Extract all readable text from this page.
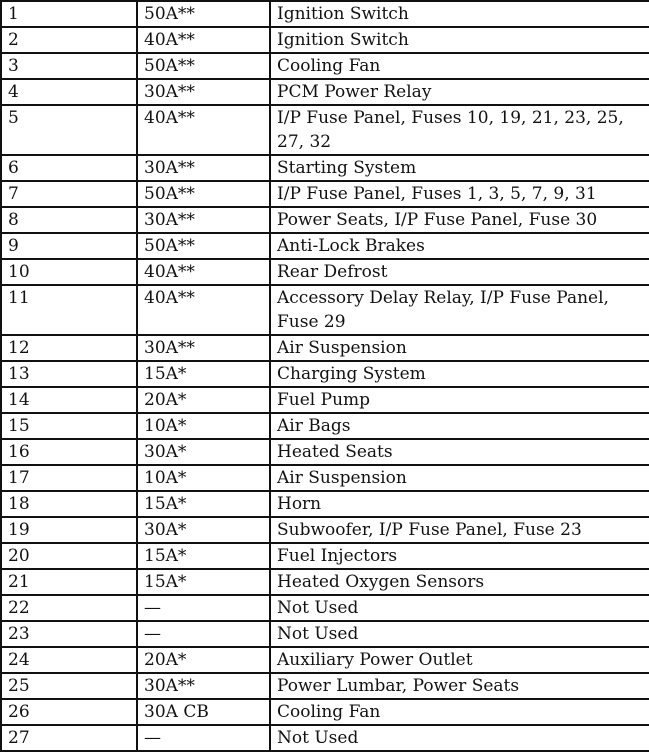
1	50A**	Ignition Switch
2	40A**	Ignition Switch
3	50A**	Cooling Fan
4	30A**	PCM Power Relay
5	40A**	I/P Fuse Panel, Fuses 10, 19, 21, 23, 25, 27, 32
6	30A**	Starting System
7	50A**	I/P Fuse Panel, Fuses 1, 3, 5, 7, 9, 31
8	30A**	Power Seats, I/P Fuse Panel, Fuse 30
9	50A**	Anti-Lock Brakes
10	40A**	Rear Defrost
11	40A**	Accessory Delay Relay, I/P Fuse Panel, Fuse 29
12	30A**	Air Suspension
13	15A*	Charging System
14	20A*	Fuel Pump
15	10A*	Air Bags
16	30A*	Heated Seats
17	10A*	Air Suspension
18	15A*	Horn
19	30A*	Subwoofer, I/P Fuse Panel, Fuse 23
20	15A*	Fuel Injectors
21	15A*	Heated Oxygen Sensors
22	—	Not Used
23	—	Not Used
24	20A*	Auxiliary Power Outlet
25	30A**	Power Lumbar, Power Seats
26	30A CB	Cooling Fan
27	—	Not Used
